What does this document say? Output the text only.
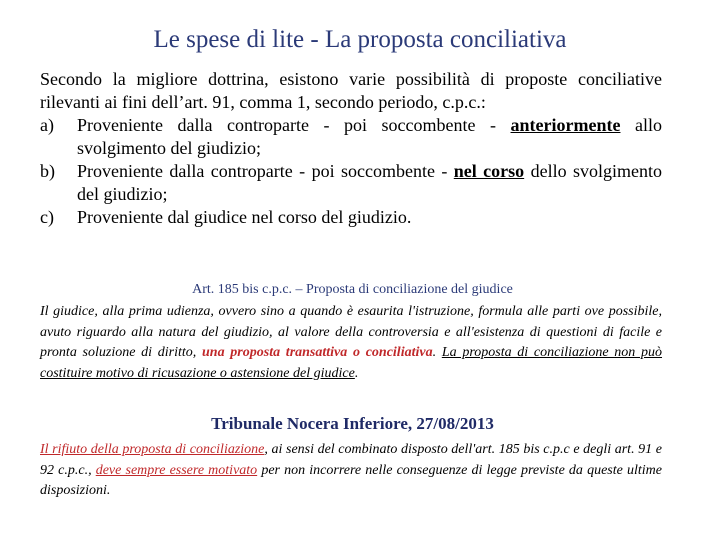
Le spese di lite - La proposta conciliativa

Secondo la migliore dottrina, esistono varie possibilità di proposte conciliative rilevanti ai fini dell’art. 91, comma 1, secondo periodo, c.p.c.:

a) Proveniente dalla controparte - poi soccombente - anteriormente allo svolgimento del giudizio;
b) Proveniente dalla controparte - poi soccombente - nel corso dello svolgimento del giudizio;
c) Proveniente dal giudice nel corso del giudizio.
Art. 185 bis c.p.c. – Proposta di conciliazione del giudice
Il giudice, alla prima udienza, ovvero sino a quando è esaurita l'istruzione, formula alle parti ove possibile, avuto riguardo alla natura del giudizio, al valore della controversia e all'esistenza di questioni di facile e pronta soluzione di diritto, una proposta transattiva o conciliativa. La proposta di conciliazione non può costituire motivo di ricusazione o astensione del giudice.
Tribunale Nocera Inferiore, 27/08/2013
Il rifiuto della proposta di conciliazione, ai sensi del combinato disposto dell'art. 185 bis c.p.c e degli art. 91 e 92 c.p.c., deve sempre essere motivato per non incorrere nelle conseguenze di legge previste da queste ultime disposizioni.
